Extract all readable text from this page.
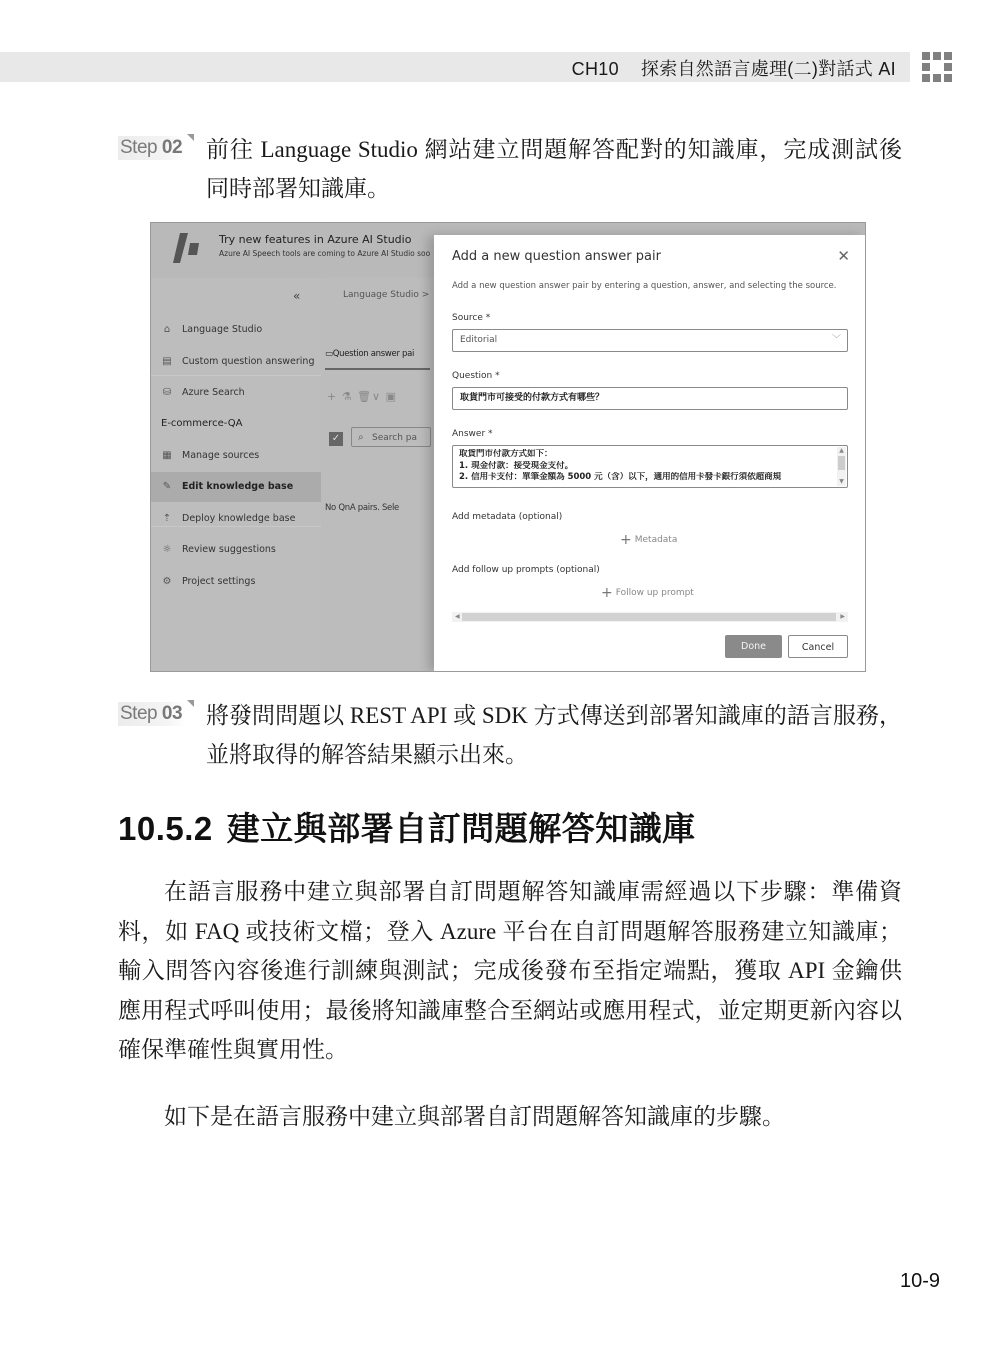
CH10 探索自然語言處理(二)對話式 AI
Step 02 前往 Language Studio 網站建立問題解答配對的知識庫，完成測試後同時部署知識庫。
Try new features in Azure AI Studio
Azure AI Speech tools are coming to Azure AI Studio soo
«
⌂	Language Studio
▤ Custom question answering
⛁ Azure Search
E-commerce-QA
▦ Manage sources
✎ Edit knowledge base
⇡ Deploy knowledge base
☼ Review suggestions
⚙ Project settings
Language Studio >
▭Question answer pai
+ ⚗ 🗑∨ ▣
✓ ⌕ Search pa
No QnA pairs. Sele
Add a new question answer pair	✕
Add a new question answer pair by entering a question, answer, and selecting the source.
Source *
Editorial	﹀
Question *
取貨門市可接受的付款方式有哪些？
Answer *
取貨門市付款方式如下：
1. 現金付款：接受現金支付。
2. 信用卡支付：單筆金額為 5000 元（含）以下，適用的信用卡發卡銀行須依超商規
▲
▼
Add metadata (optional)
+ Metadata
Add follow up prompts (optional)
+ Follow up prompt
◀	▶
Done	Cancel
Step 03 將發問問題以 REST API 或 SDK 方式傳送到部署知識庫的語言服務，並將取得的解答結果顯示出來。
10.5.2 建立與部署自訂問題解答知識庫
在語言服務中建立與部署自訂問題解答知識庫需經過以下步驟：準備資料，如 FAQ 或技術文檔；登入 Azure 平台在自訂問題解答服務建立知識庫；輸入問答內容後進行訓練與測試；完成後發布至指定端點，獲取 API 金鑰供應用程式呼叫使用；最後將知識庫整合至網站或應用程式，並定期更新內容以確保準確性與實用性。
如下是在語言服務中建立與部署自訂問題解答知識庫的步驟。
10-9
